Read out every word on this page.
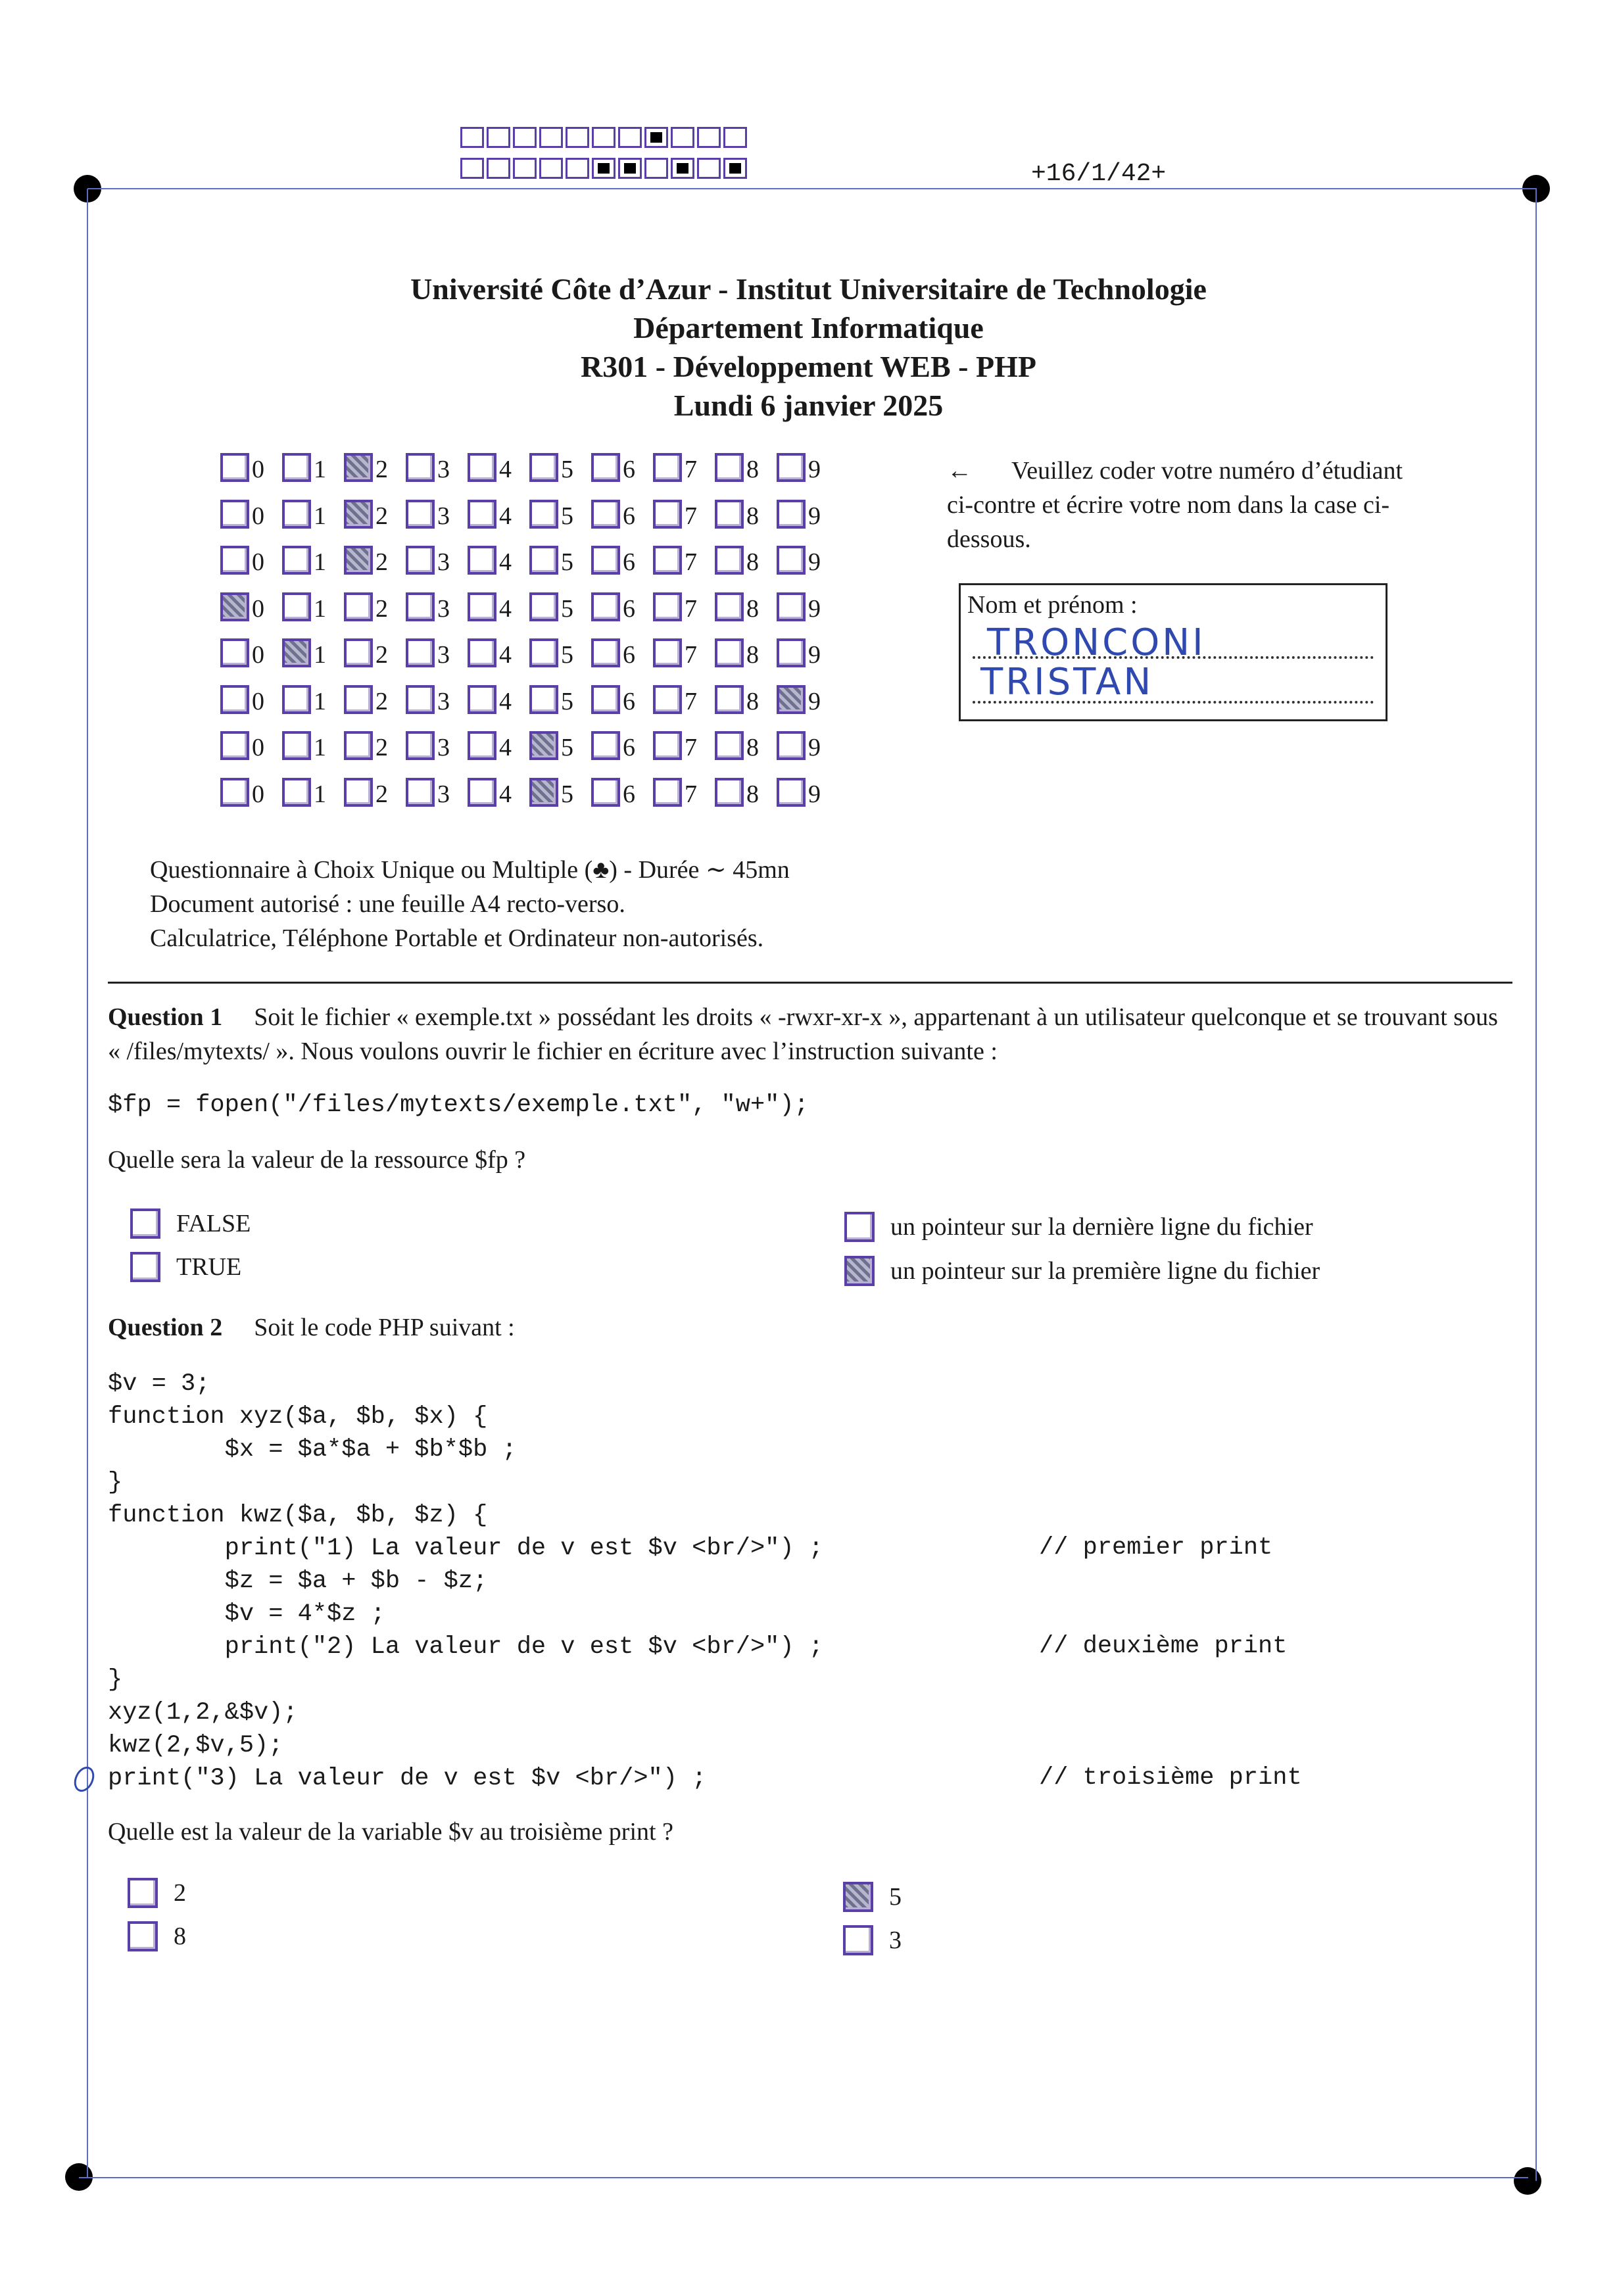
+16/1/42+
Université Côte d’Azur - Institut Universitaire de Technologie
Département Informatique
R301 - Développement WEB - PHP
Lundi 6 janvier 2025
0 1 2 3 4 5 6 7 8 9
0 1 2 3 4 5 6 7 8 9
0 1 2 3 4 5 6 7 8 9
0 1 2 3 4 5 6 7 8 9
0 1 2 3 4 5 6 7 8 9
0 1 2 3 4 5 6 7 8 9
0 1 2 3 4 5 6 7 8 9
0 1 2 3 4 5 6 7 8 9
← Veuillez coder votre numéro d’étudiant ci-contre et écrire votre nom dans la case ci-dessous.
Nom et prénom :
TRONCONI
TRISTAN
Questionnaire à Choix Unique ou Multiple (♣) - Durée ∼ 45mn
Document autorisé : une feuille A4 recto-verso.
Calculatrice, Téléphone Portable et Ordinateur non-autorisés.
Question 1 Soit le fichier « exemple.txt » possédant les droits « -rwxr-xr-x », appartenant à un utilisateur quelconque et se trouvant sous « /files/mytexts/ ». Nous voulons ouvrir le fichier en écriture avec l’instruction suivante :
$fp = fopen("/files/mytexts/exemple.txt", "w+");
Quelle sera la valeur de la ressource $fp ?
FALSE
TRUE
un pointeur sur la dernière ligne du fichier
un pointeur sur la première ligne du fichier
Question 2 Soit le code PHP suivant :
$v = 3;
function xyz($a, $b, $x) {
$x = $a*$a + $b*$b ;
}
function kwz($a, $b, $z) {
print("1) La valeur de v est $v <br/>") ;
$z = $a + $b - $z;
$v = 4*$z ;
print("2) La valeur de v est $v <br/>") ;
}
xyz(1,2,&$v);
kwz(2,$v,5);
print("3) La valeur de v est $v <br/>") ;
// premier print
// deuxième print
// troisième print
Quelle est la valeur de la variable $v au troisième print ?
2
8
5
3
